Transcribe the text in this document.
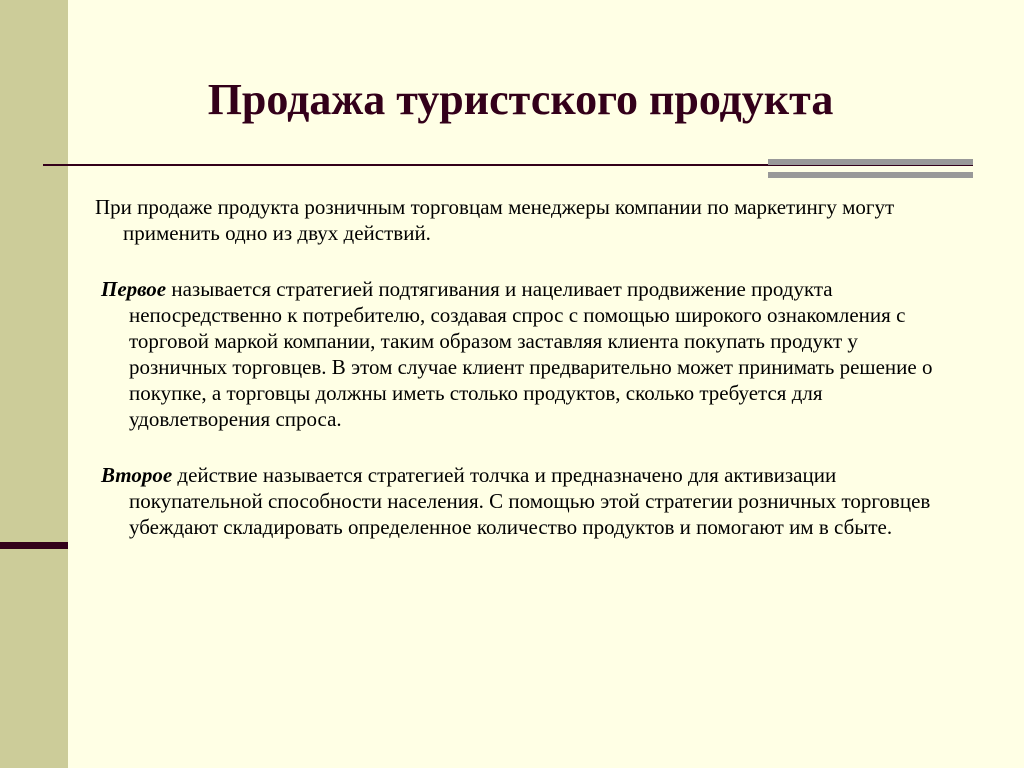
Продажа туристского продукта

При продаже продукта розничным торговцам менеджеры компании по маркетингу могут применить одно из двух действий.

Первое называется стратегией подтягивания и нацеливает продвижение продукта непосредственно к потребителю, создавая спрос с помощью широкого ознакомления с торговой маркой компании, таким образом заставляя клиента покупать продукт у розничных торговцев. В этом случае клиент предварительно может принимать решение о покупке, а торговцы должны иметь столько продуктов, сколько требуется для удовлетворения спроса.

Второе действие называется стратегией толчка и предназначено для активизации покупательной способности населения. С помощью этой стратегии розничных торговцев убеждают складировать определенное количество продуктов и помогают им в сбыте.
